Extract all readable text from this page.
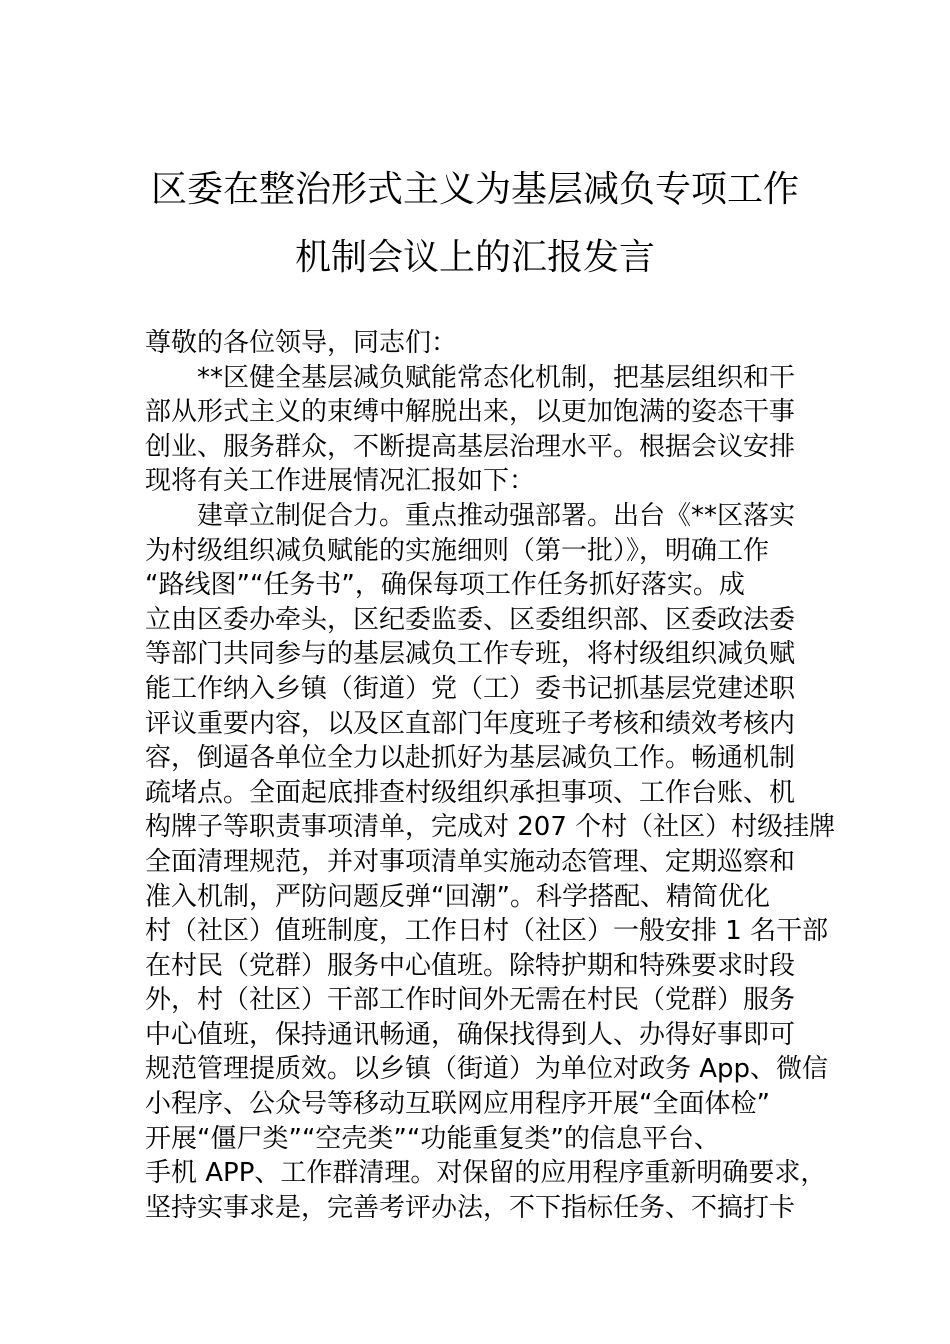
区委在整治形式主义为基层减负专项工作
机制会议上的汇报发言
尊敬的各位领导，同志们：
**区健全基层减负赋能常态化机制，把基层组织和干
部从形式主义的束缚中解脱出来，以更加饱满的姿态干事
创业、服务群众，不断提高基层治理水平。根据会议安排
现将有关工作进展情况汇报如下：
建章立制促合力。重点推动强部署。出台《**区落实
为村级组织减负赋能的实施细则（第一批）》，明确工作
“路线图”“任务书”，确保每项工作任务抓好落实。成
立由区委办牵头，区纪委监委、区委组织部、区委政法委
等部门共同参与的基层减负工作专班，将村级组织减负赋
能工作纳入乡镇（街道）党（工）委书记抓基层党建述职
评议重要内容，以及区直部门年度班子考核和绩效考核内
容，倒逼各单位全力以赴抓好为基层减负工作。畅通机制
疏堵点。全面起底排查村级组织承担事项、工作台账、机
构牌子等职责事项清单，完成对 207 个村（社区）村级挂牌
全面清理规范，并对事项清单实施动态管理、定期巡察和
准入机制，严防问题反弹“回潮”。科学搭配、精简优化
村（社区）值班制度，工作日村（社区）一般安排 1 名干部
在村民（党群）服务中心值班。除特护期和特殊要求时段
外，村（社区）干部工作时间外无需在村民（党群）服务
中心值班，保持通讯畅通，确保找得到人、办得好事即可
规范管理提质效。以乡镇（街道）为单位对政务 App、微信
小程序、公众号等移动互联网应用程序开展“全面体检”
开展“僵尸类”“空壳类”“功能重复类”的信息平台、
手机 APP、工作群清理。对保留的应用程序重新明确要求，
坚持实事求是，完善考评办法，不下指标任务、不搞打卡
